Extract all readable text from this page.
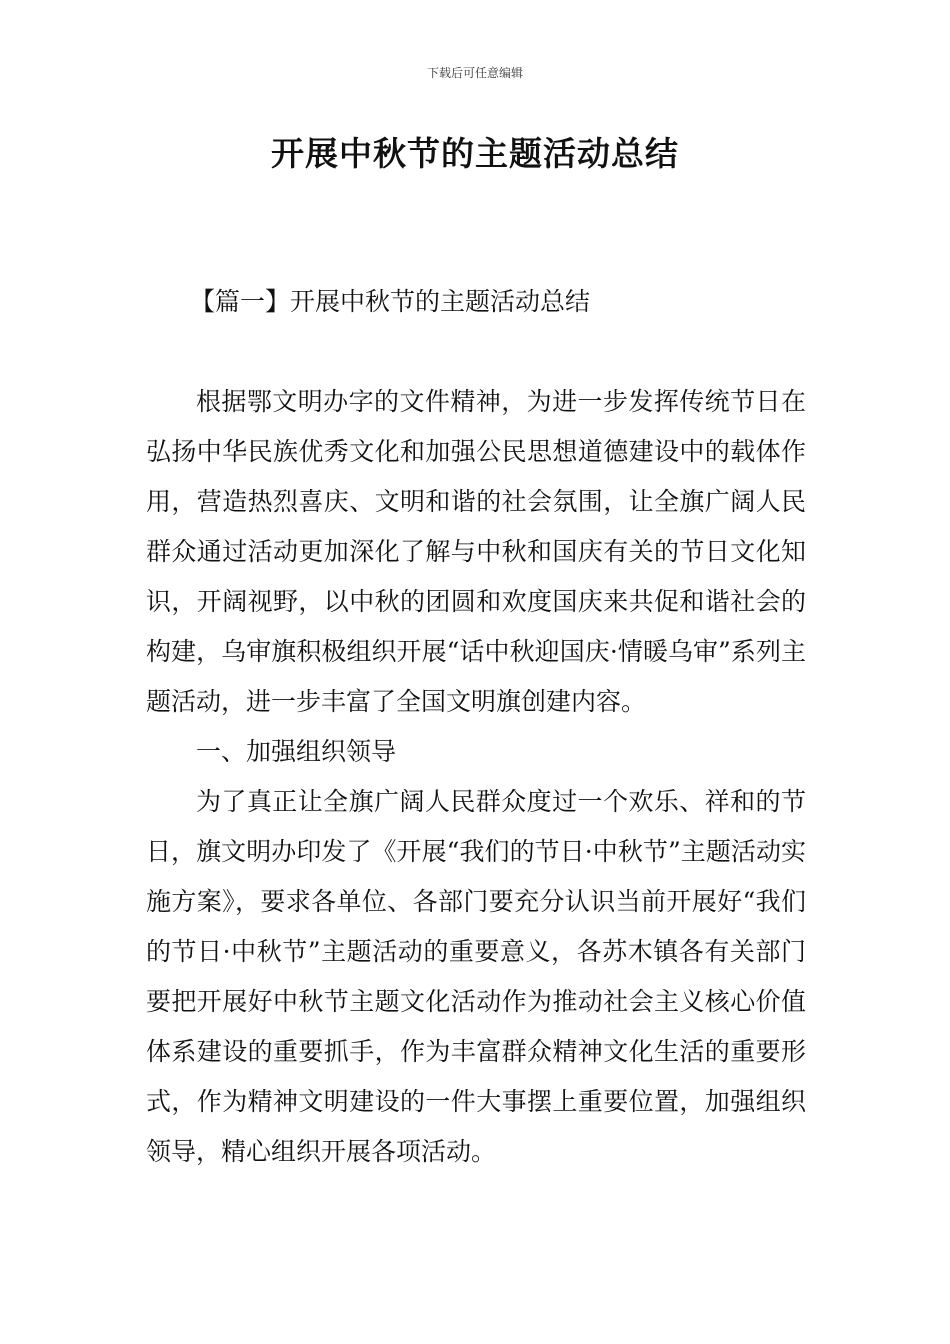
下载后可任意编辑
开展中秋节的主题活动总结
【篇一】开展中秋节的主题活动总结

根据鄂文明办字的文件精神，为进一步发挥传统节日在弘扬中华民族优秀文化和加强公民思想道德建设中的载体作用，营造热烈喜庆、文明和谐的社会氛围，让全旗广阔人民群众通过活动更加深化了解与中秋和国庆有关的节日文化知识，开阔视野，以中秋的团圆和欢度国庆来共促和谐社会的构建，乌审旗积极组织开展“话中秋迎国庆·情暖乌审”系列主题活动，进一步丰富了全国文明旗创建内容。

一、加强组织领导

为了真正让全旗广阔人民群众度过一个欢乐、祥和的节日，旗文明办印发了《开展“我们的节日·中秋节”主题活动实施方案》，要求各单位、各部门要充分认识当前开展好“我们的节日·中秋节”主题活动的重要意义，各苏木镇各有关部门要把开展好中秋节主题文化活动作为推动社会主义核心价值体系建设的重要抓手，作为丰富群众精神文化生活的重要形式，作为精神文明建设的一件大事摆上重要位置，加强组织领导，精心组织开展各项活动。
